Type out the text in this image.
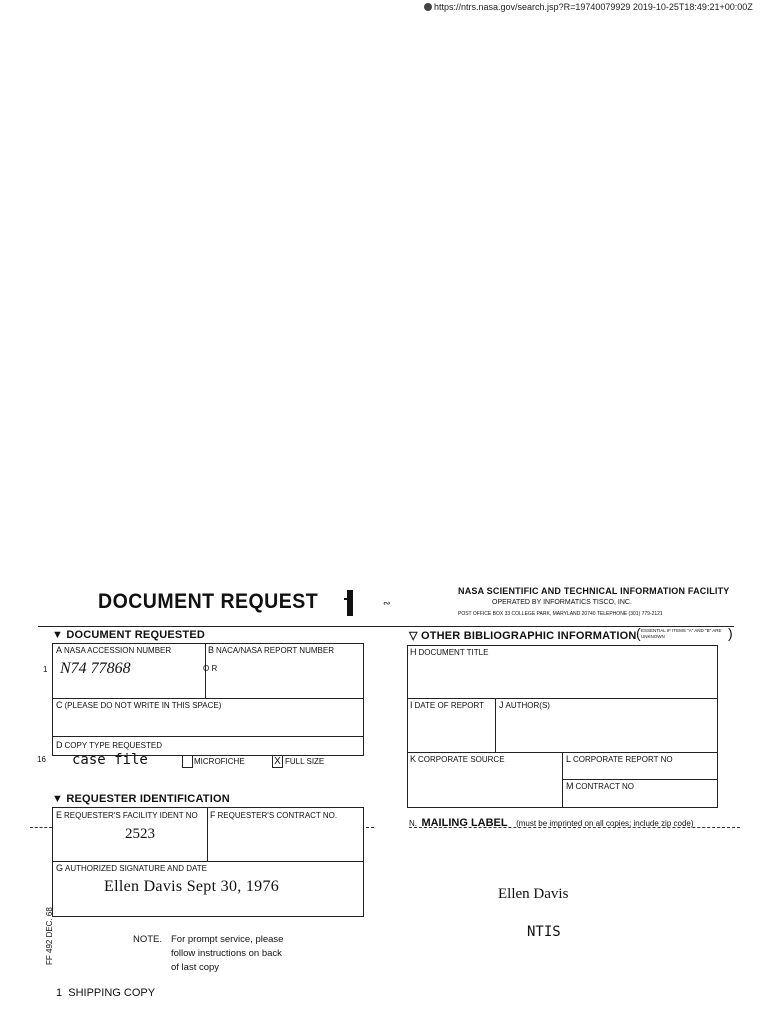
https://ntrs.nasa.gov/search.jsp?R=19740079929 2019-10-25T18:49:21+00:00Z
DOCUMENT REQUEST	∾
NASA SCIENTIFIC AND TECHNICAL INFORMATION FACILITY
OPERATED BY INFORMATICS TISCO, INC.
POST OFFICE BOX 33 COLLEGE PARK, MARYLAND 20740 TELEPHONE (301) 779-2121
▼ DOCUMENT REQUESTED
A NASA ACCESSION NUMBER
N74 77868
B NACA/NASA REPORT NUMBER
O R
1
C (PLEASE DO NOT WRITE IN THIS SPACE)
D COPY TYPE REQUESTED
16 case file	MICROFICHE	X FULL SIZE
▼ REQUESTER IDENTIFICATION
E REQUESTER'S FACILITY IDENT NO
2523
F REQUESTER'S CONTRACT NO.
G AUTHORIZED SIGNATURE AND DATE
Ellen Davis Sept 30, 1976
▽ OTHER BIBLIOGRAPHIC INFORMATION ESSENTIAL IF ITEMS "A" AND "B" ARE UNKNOWN
(	)
H DOCUMENT TITLE
I DATE OF REPORT J AUTHOR(S)
K CORPORATE SOURCE	L CORPORATE REPORT NO
M CONTRACT NO
N. MAILING LABEL (must be imprinted on all copies; include zip code)
Ellen Davis
NTIS
NOTE. For prompt service, please
follow instructions on back
of last copy
FF 492 DEC. 68
1 SHIPPING COPY
